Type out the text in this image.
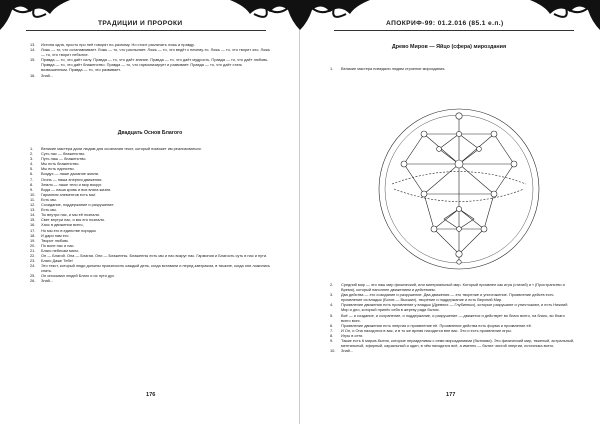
ТРАДИЦИИ И ПРОРОКИ
13.	Истина одна, просто про неё говорят по-разному. Но стоит различать ложь и правду.
14.	Ложь — то, что останавливает. Ложь — то, что распыляет. Ложь — то, что ведёт к ничему-то. Ложь — то, что творит зло. Ложь — то, что творит небытие.
15.	Правда — то, что даёт силу. Правда — то, что даёт знание. Правда — то, что даёт мудрость. Правда — то, что даёт любовь. Правда — то, что даёт блаженство. Правда — то, что гармонизирует и развивает. Правда — то, что даёт стать возвышенным. Правда — то, что развивает.
16.	Знай...
Двадцать Основ Благого
1.	Великие мастера дали людям для осознания текст, который поможет им реализоваться:
2.	Суть нас — блаженство.
3.	Путь наш — блаженство.
4.	Мы есть блаженство.
5.	Мы есть единство.
6.	Воздух — наше дыхание жизни.
7.	Огонь — наша энергия движения.
8.	Земля — наше тело и мир вокруг.
9.	Вода — наша кровь и вся влага жизни.
10.	Гармония элементов есть мы!
11.	Есть мы.
12.	Созидание, поддержание и разрушение
13.	Есть мы.
14.	Ты внутри нас, и мы её познали.
15.	Свет внутри нас, и мы его познали.
16.	Хаос в движении всего,
17.	Но мы его в единстве порядок
18.	И дари нам его.
19.	Творит любовь
20.	По воле нас и нас.
21.	Благо небесам мало.
22.	Он — Благой. Она — Благая. Они — Блаженны. Блаженны есть мы и нас вокруг нас. Гармония и Благость суть в нас и пути.
23.	Благо Даже Тебе!
24.	Это текст, который люди должны произносить каждый день, когда вставали и перед завтраком, в тишине, когда они ложились спать.
25.	Он описывал людей Благо и их пути дух.
26.	Знай...
176
АПОКРИФ-99: 01.2.016 (85.1 е.п.)
Древо Миров — Яйцо (сфера) мироздания
1.	Великие мастера поведали людям строение мироздания.
2.	Средний мир — это наш мир физический, или материальный мир. Который проявлен как игра (стихий) и т (Пространство и Время), который наполнен движением и действием.
3.	Два действа — это созидание и разрушение. Два движения — это творение и уничтожение. Проявление действ есть проявление из владык (Богов — Высших), творение и поддержание и есть Верхний Мир.
4.	Проявление движения есть проявление у владык (Древних — Глубинных), которые разрушают и уничтожают, и есть Нижний Мир и дно, который принёс себя в жертву ради бытия.
5.	Всё — и создание, и сохранение, и поддержание, и разрушение — движется и действует во благо всего, на благо, во благо всего всех.
6.	Проявление движения есть энергия и проявление её. Проявление действа есть форма и проявление её.
7.	И Он, и Она находятся в вас, и в то же время находятся вне вас. Это и есть проявление игры.
8.	Игры в сети.
9.	Также есть 6 миров-бытия, которые неразделимы с семи мирозданиями (бытиями). Это физический мир, тяжелый, астральный, ментальный, эфирный, каузальный и один, в чём находятся всё, а именно — бытие чистой энергии, источника всего.
10.	Знай...
177
